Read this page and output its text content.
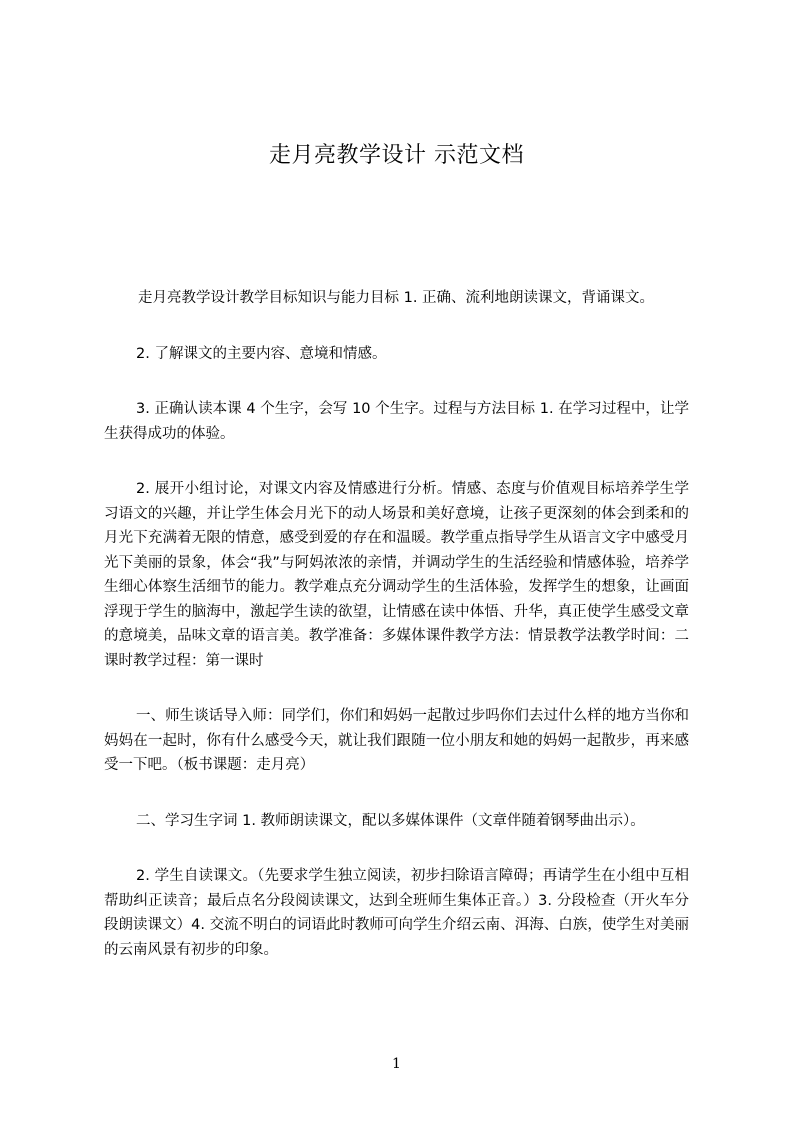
走月亮教学设计 示范文档

走月亮教学设计教学目标知识与能力目标 1. 正确、流利地朗读课文，背诵课文。

2. 了解课文的主要内容、意境和情感。

3. 正确认读本课 4 个生字，会写 10 个生字。过程与方法目标 1. 在学习过程中，让学生获得成功的体验。

2. 展开小组讨论，对课文内容及情感进行分析。情感、态度与价值观目标培养学生学习语文的兴趣，并让学生体会月光下的动人场景和美好意境，让孩子更深刻的体会到柔和的月光下充满着无限的情意，感受到爱的存在和温暖。教学重点指导学生从语言文字中感受月光下美丽的景象，体会“我”与阿妈浓浓的亲情，并调动学生的生活经验和情感体验，培养学生细心体察生活细节的能力。教学难点充分调动学生的生活体验，发挥学生的想象，让画面浮现于学生的脑海中，激起学生读的欲望，让情感在读中体悟、升华，真正使学生感受文章的意境美，品味文章的语言美。教学准备：多媒体课件教学方法：情景教学法教学时间：二课时教学过程：第一课时

一、师生谈话导入师：同学们，你们和妈妈一起散过步吗你们去过什么样的地方当你和妈妈在一起时，你有什么感受今天，就让我们跟随一位小朋友和她的妈妈一起散步，再来感受一下吧。（板书课题：走月亮）

二、学习生字词 1. 教师朗读课文，配以多媒体课件（文章伴随着钢琴曲出示）。

2. 学生自读课文。（先要求学生独立阅读，初步扫除语言障碍；再请学生在小组中互相帮助纠正读音；最后点名分段阅读课文，达到全班师生集体正音。）3. 分段检查（开火车分段朗读课文）4. 交流不明白的词语此时教师可向学生介绍云南、洱海、白族，使学生对美丽的云南风景有初步的印象。

1
